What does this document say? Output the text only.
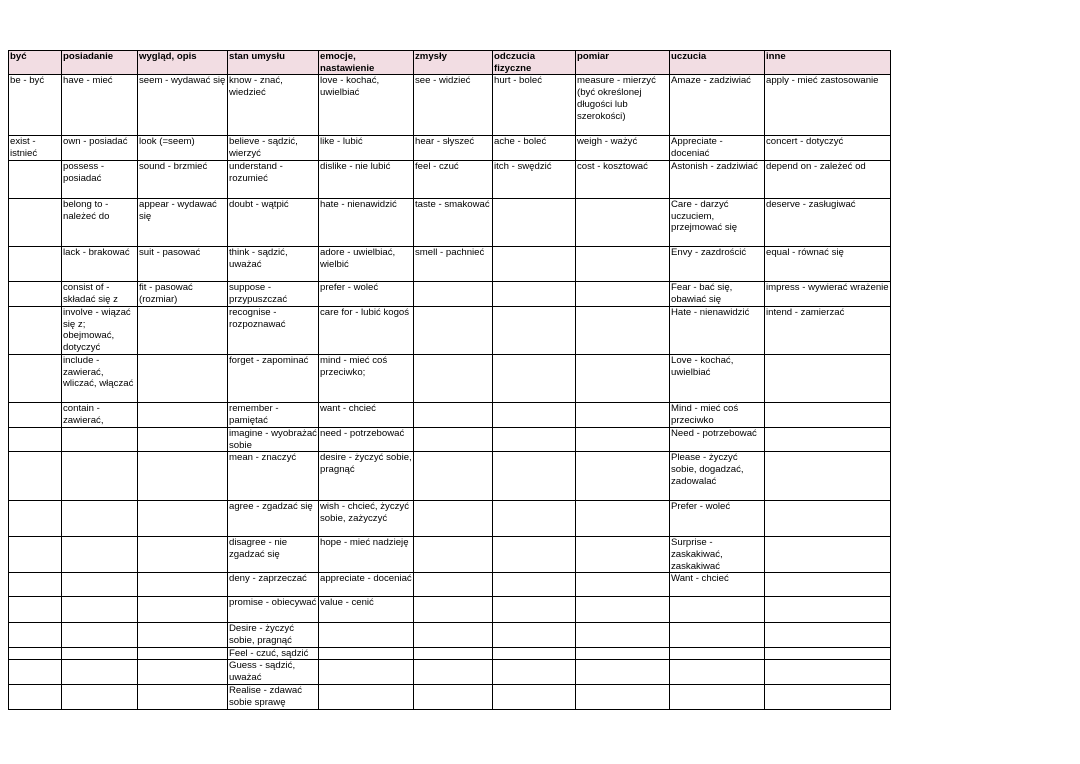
być	posiadanie	wygląd, opis	stan umysłu	emocje, nastawienie	zmysły	odczucia fizyczne	pomiar	uczucia	inne
be - być	have - mieć	seem - wydawać się	know - znać, wiedzieć	love - kochać, uwielbiać	see - widzieć	hurt - boleć	measure - mierzyć (być określonej długości lub szerokości)	Amaze - zadziwiać	apply - mieć zastosowanie
exist - istnieć	own - posiadać	look (=seem)	believe - sądzić, wierzyć	like - lubić	hear - słyszeć	ache - boleć	weigh - ważyć	Appreciate - doceniać	concert - dotyczyć
	possess - posiadać	sound - brzmieć	understand - rozumieć	dislike - nie lubić	feel - czuć	itch - swędzić	cost - kosztować	Astonish - zadziwiać	depend on - zależeć od
	belong to - należeć do	appear - wydawać się	doubt - wątpić	hate - nienawidzić	taste - smakować			Care - darzyć uczuciem, przejmować się	deserve - zasługiwać
	lack - brakować	suit - pasować	think - sądzić, uważać	adore - uwielbiać, wielbić	smell - pachnieć			Envy - zazdrościć	equal - równać się
	consist of - składać się z	fit - pasować (rozmiar)	suppose - przypuszczać	prefer - woleć				Fear - bać się, obawiać się	impress - wywierać wrażenie
	involve - wiązać się z; obejmować, dotyczyć		recognise - rozpoznawać	care for - lubić kogoś				Hate - nienawidzić	intend - zamierzać
	include - zawierać, wliczać, włączać		forget - zapominać	mind - mieć coś przeciwko;				Love - kochać, uwielbiać	
	contain - zawierać,		remember - pamiętać	want - chcieć				Mind - mieć coś przeciwko	
			imagine - wyobrażać sobie	need - potrzebować				Need - potrzebować	
			mean - znaczyć	desire - życzyć sobie, pragnąć				Please - życzyć sobie, dogadzać, zadowalać	
			agree - zgadzać się	wish - chcieć, życzyć sobie, zażyczyć				Prefer - woleć	
			disagree - nie zgadzać się	hope - mieć nadzieję				Surprise - zaskakiwać, zaskakiwać	
			deny - zaprzeczać	appreciate - doceniać				Want - chcieć	
			promise - obiecywać	value - cenić					
			Desire - życzyć sobie, pragnąć						
			Feel - czuć, sądzić						
			Guess - sądzić, uważać						
			Realise - zdawać sobie sprawę						
